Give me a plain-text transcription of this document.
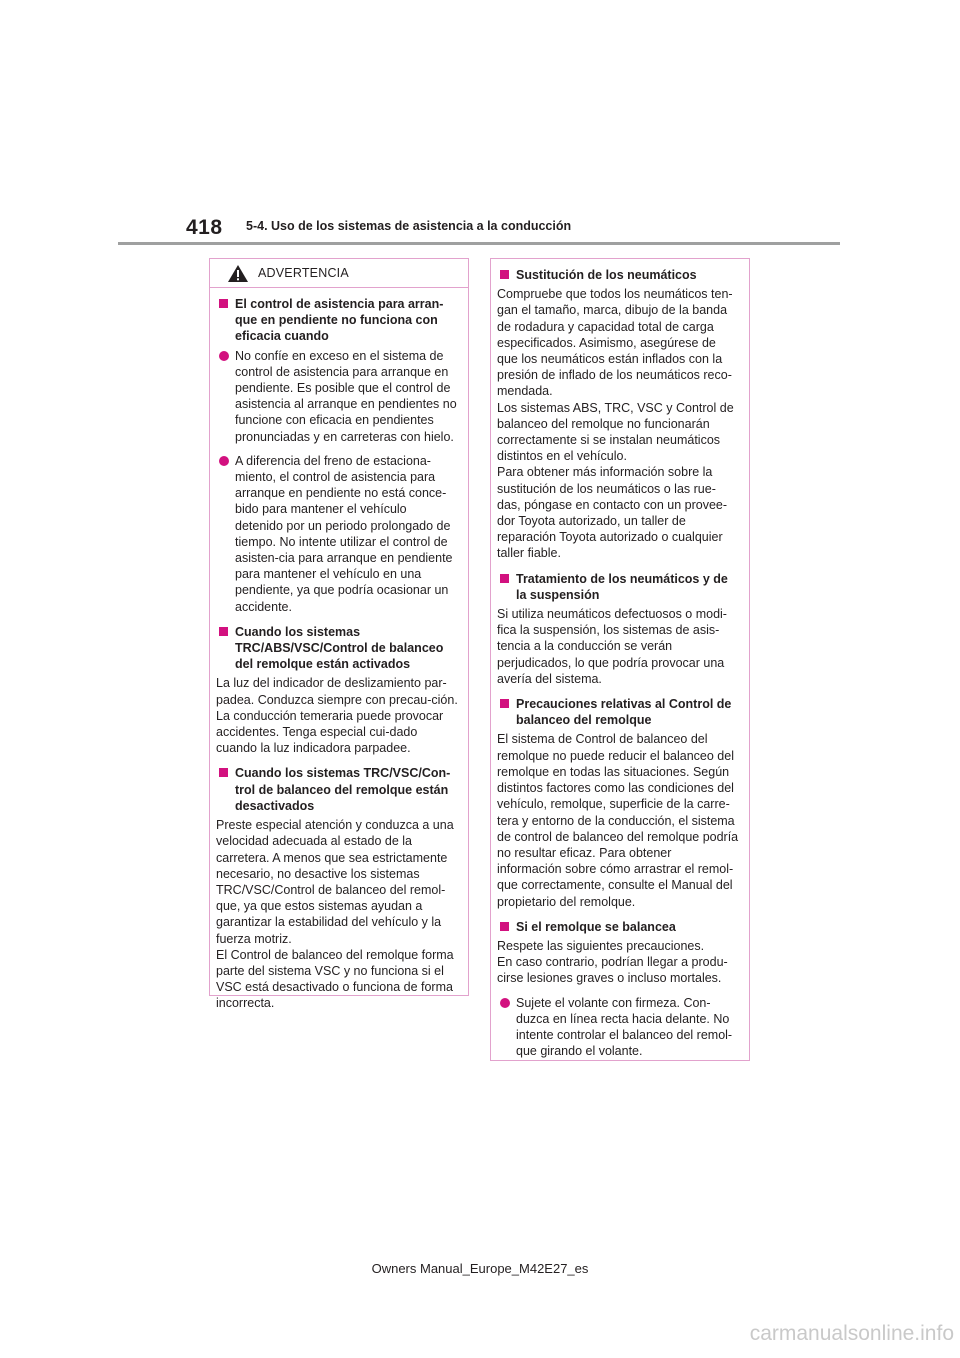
418 5-4. Uso de los sistemas de asistencia a la conducción
ADVERTENCIA
El control de asistencia para arran-que en pendiente no funciona con eficacia cuando
No confíe en exceso en el sistema de control de asistencia para arranque en pendiente. Es posible que el control de asistencia al arranque en pendientes no funcione con eficacia en pendientes pronunciadas y en carreteras con hielo.
A diferencia del freno de estaciona-miento, el control de asistencia para arranque en pendiente no está conce-bido para mantener el vehículo detenido por un periodo prolongado de tiempo. No intente utilizar el control de asisten-cia para arranque en pendiente para mantener el vehículo en una pendiente, ya que podría ocasionar un accidente.
Cuando los sistemas TRC/ABS/VSC/Control de balanceo del remolque están activados
La luz del indicador de deslizamiento par-padea. Conduzca siempre con precau-ción. La conducción temeraria puede provocar accidentes. Tenga especial cui-dado cuando la luz indicadora parpadee.
Cuando los sistemas TRC/VSC/Con-trol de balanceo del remolque están desactivados
Preste especial atención y conduzca a una velocidad adecuada al estado de la carretera. A menos que sea estrictamente necesario, no desactive los sistemas TRC/VSC/Control de balanceo del remol-que, ya que estos sistemas ayudan a garantizar la estabilidad del vehículo y la fuerza motriz.
El Control de balanceo del remolque forma parte del sistema VSC y no funciona si el VSC está desactivado o funciona de forma incorrecta.
Sustitución de los neumáticos
Compruebe que todos los neumáticos ten-gan el tamaño, marca, dibujo de la banda de rodadura y capacidad total de carga especificados. Asimismo, asegúrese de que los neumáticos están inflados con la presión de inflado de los neumáticos reco-mendada.
Los sistemas ABS, TRC, VSC y Control de balanceo del remolque no funcionarán correctamente si se instalan neumáticos distintos en el vehículo.
Para obtener más información sobre la sustitución de los neumáticos o las rue-das, póngase en contacto con un provee-dor Toyota autorizado, un taller de reparación Toyota autorizado o cualquier taller fiable.
Tratamiento de los neumáticos y de la suspensión
Si utiliza neumáticos defectuosos o modi-fica la suspensión, los sistemas de asis-tencia a la conducción se verán perjudicados, lo que podría provocar una avería del sistema.
Precauciones relativas al Control de balanceo del remolque
El sistema de Control de balanceo del remolque no puede reducir el balanceo del remolque en todas las situaciones. Según distintos factores como las condiciones del vehículo, remolque, superficie de la carre-tera y entorno de la conducción, el sistema de control de balanceo del remolque podría no resultar eficaz. Para obtener información sobre cómo arrastrar el remol-que correctamente, consulte el Manual del propietario del remolque.
Si el remolque se balancea
Respete las siguientes precauciones.
En caso contrario, podrían llegar a produ-cirse lesiones graves o incluso mortales.
Sujete el volante con firmeza. Con-duzca en línea recta hacia delante. No intente controlar el balanceo del remol-que girando el volante.
Owners Manual_Europe_M42E27_es
carmanualsonline.info
